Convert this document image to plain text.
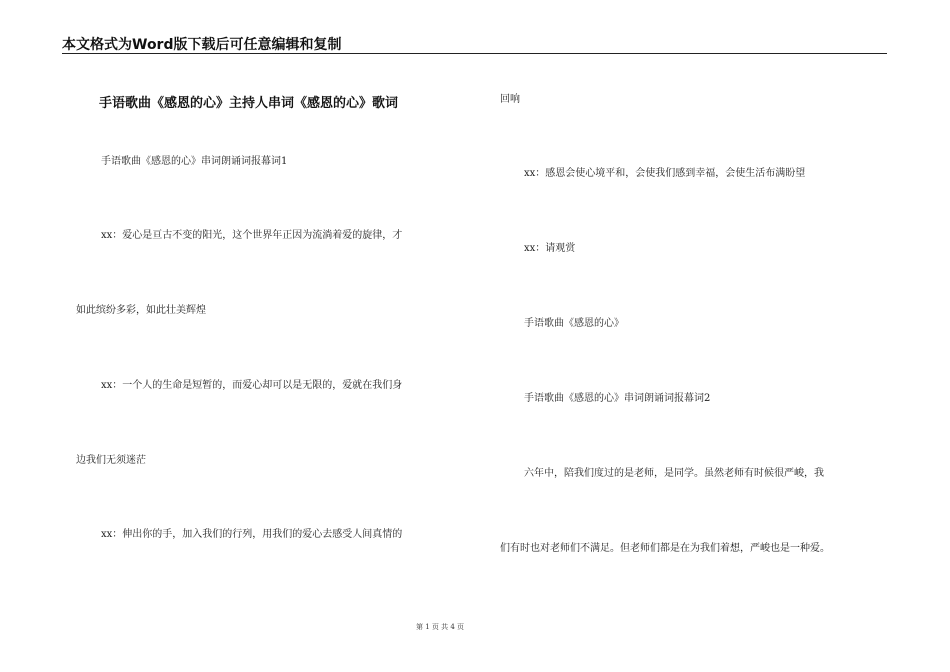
本文格式为Word版下载后可任意编辑和复制
手语歌曲《感恩的心》主持人串词《感恩的心》歌词
手语歌曲《感恩的心》串词朗诵词报幕词1
xx：爱心是亘古不变的阳光，这个世界年正因为流淌着爱的旋律，才
如此缤纷多彩，如此壮美辉煌
xx：一个人的生命是短暂的，而爱心却可以是无限的，爱就在我们身
边我们无须迷茫
xx：伸出你的手，加入我们的行列，用我们的爱心去感受人间真情的
回响
xx：感恩会使心境平和，会使我们感到幸福，会使生活布满盼望
xx：请观赏
手语歌曲《感恩的心》
手语歌曲《感恩的心》串词朗诵词报幕词2
六年中，陪我们度过的是老师，是同学。虽然老师有时候很严峻，我
们有时也对老师们不满足。但老师们都是在为我们着想，严峻也是一种爱。
第 1 页 共 4 页
